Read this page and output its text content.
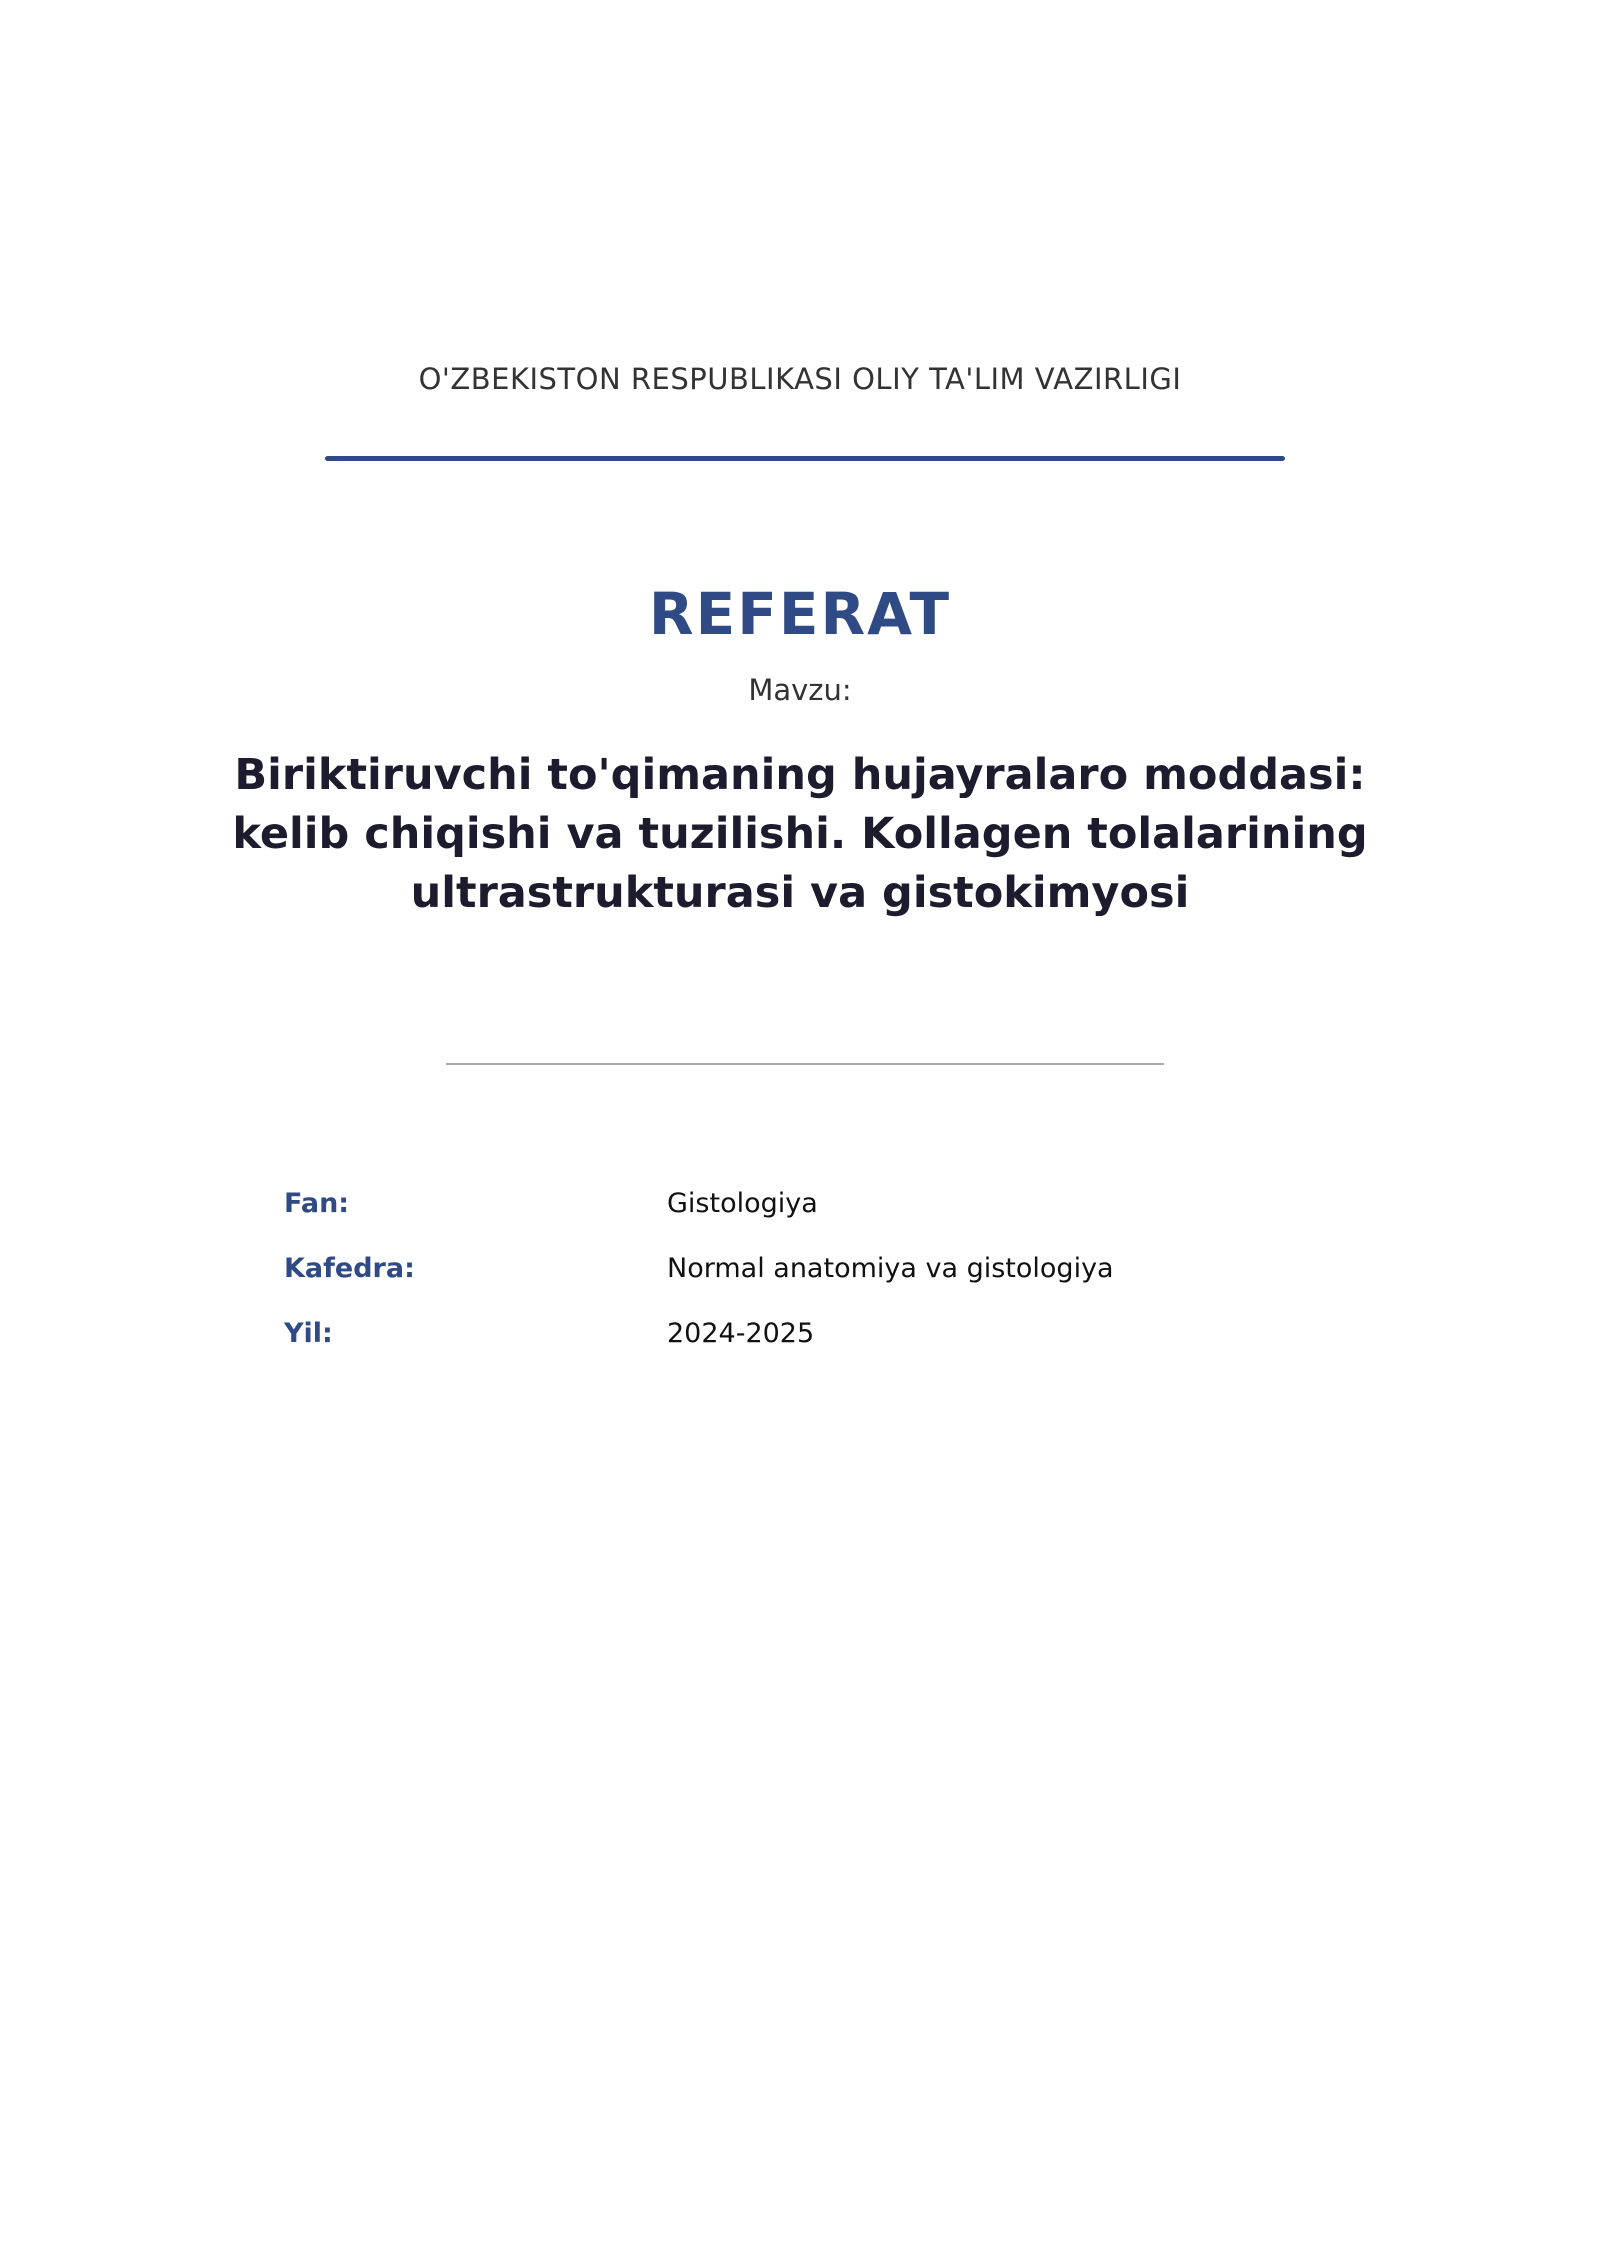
O'ZBEKISTON RESPUBLIKASI OLIY TA'LIM VAZIRLIGI
REFERAT
Mavzu:
Biriktiruvchi to'qimaning hujayralaro moddasi: kelib chiqishi va tuzilishi. Kollagen tolalarining ultrastrukturasi va gistokimyosi
Fan:	Gistologiya
Kafedra:	Normal anatomiya va gistologiya
Yil:	2024-2025
